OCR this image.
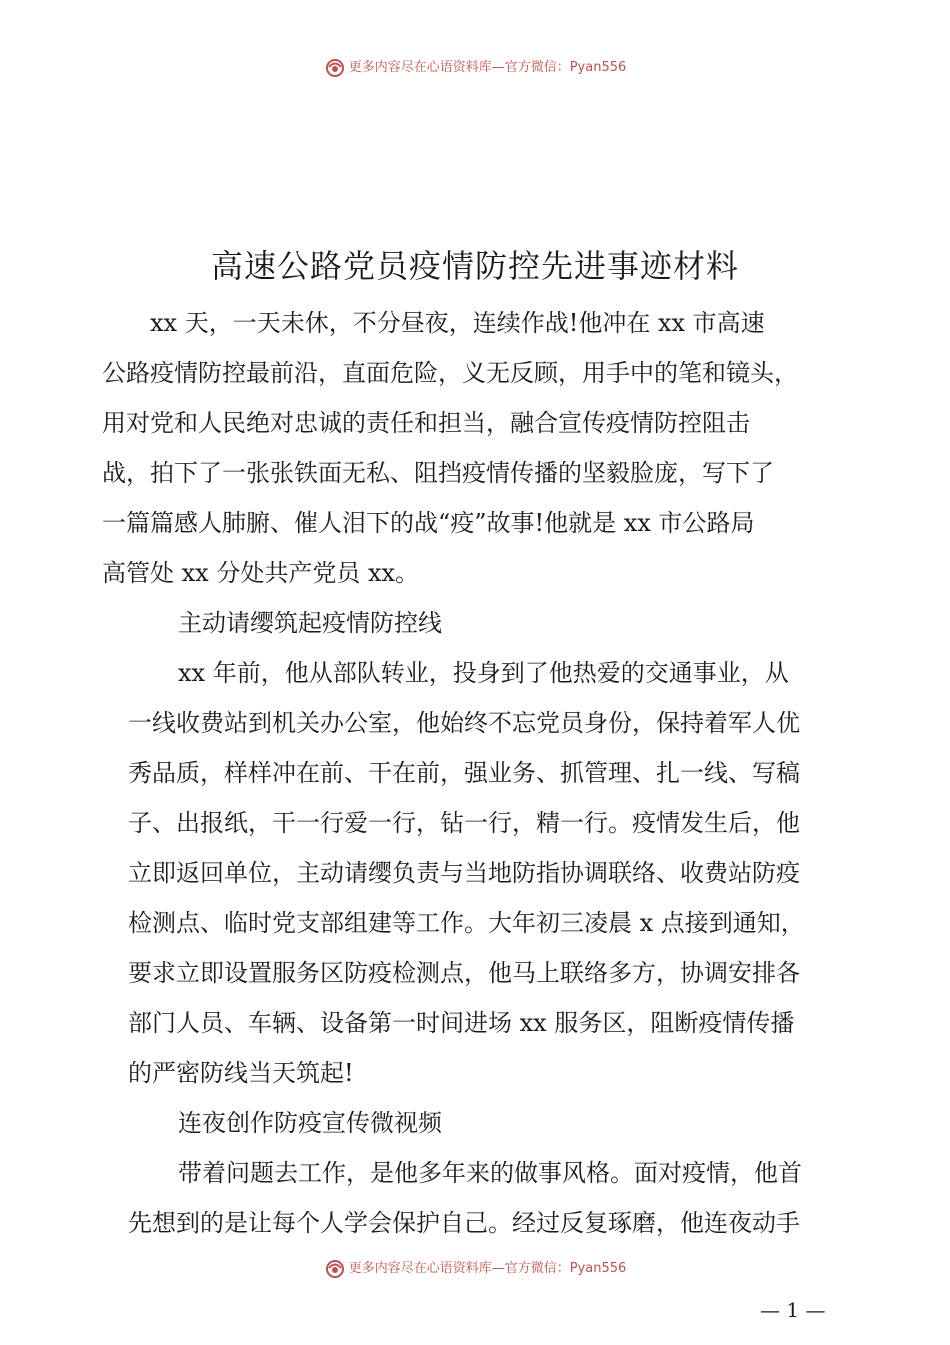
更多内容尽在心语资料库—官方微信：Pyan556
高速公路党员疫情防控先进事迹材料
xx 天，一天未休，不分昼夜，连续作战!他冲在 xx 市高速
公路疫情防控最前沿，直面危险，义无反顾，用手中的笔和镜头，
用对党和人民绝对忠诚的责任和担当，融合宣传疫情防控阻击
战，拍下了一张张铁面无私、阻挡疫情传播的坚毅脸庞，写下了
一篇篇感人肺腑、催人泪下的战“疫”故事!他就是 xx 市公路局
高管处 xx 分处共产党员 xx。
主动请缨筑起疫情防控线
xx 年前，他从部队转业，投身到了他热爱的交通事业，从
一线收费站到机关办公室，他始终不忘党员身份，保持着军人优
秀品质，样样冲在前、干在前，强业务、抓管理、扎一线、写稿
子、出报纸，干一行爱一行，钻一行，精一行。疫情发生后，他
立即返回单位，主动请缨负责与当地防指协调联络、收费站防疫
检测点、临时党支部组建等工作。大年初三凌晨 x 点接到通知，
要求立即设置服务区防疫检测点，他马上联络多方，协调安排各
部门人员、车辆、设备第一时间进场 xx 服务区，阻断疫情传播
的严密防线当天筑起!
连夜创作防疫宣传微视频
带着问题去工作，是他多年来的做事风格。面对疫情，他首
先想到的是让每个人学会保护自己。经过反复琢磨，他连夜动手
更多内容尽在心语资料库—官方微信：Pyan556
— 1 —
